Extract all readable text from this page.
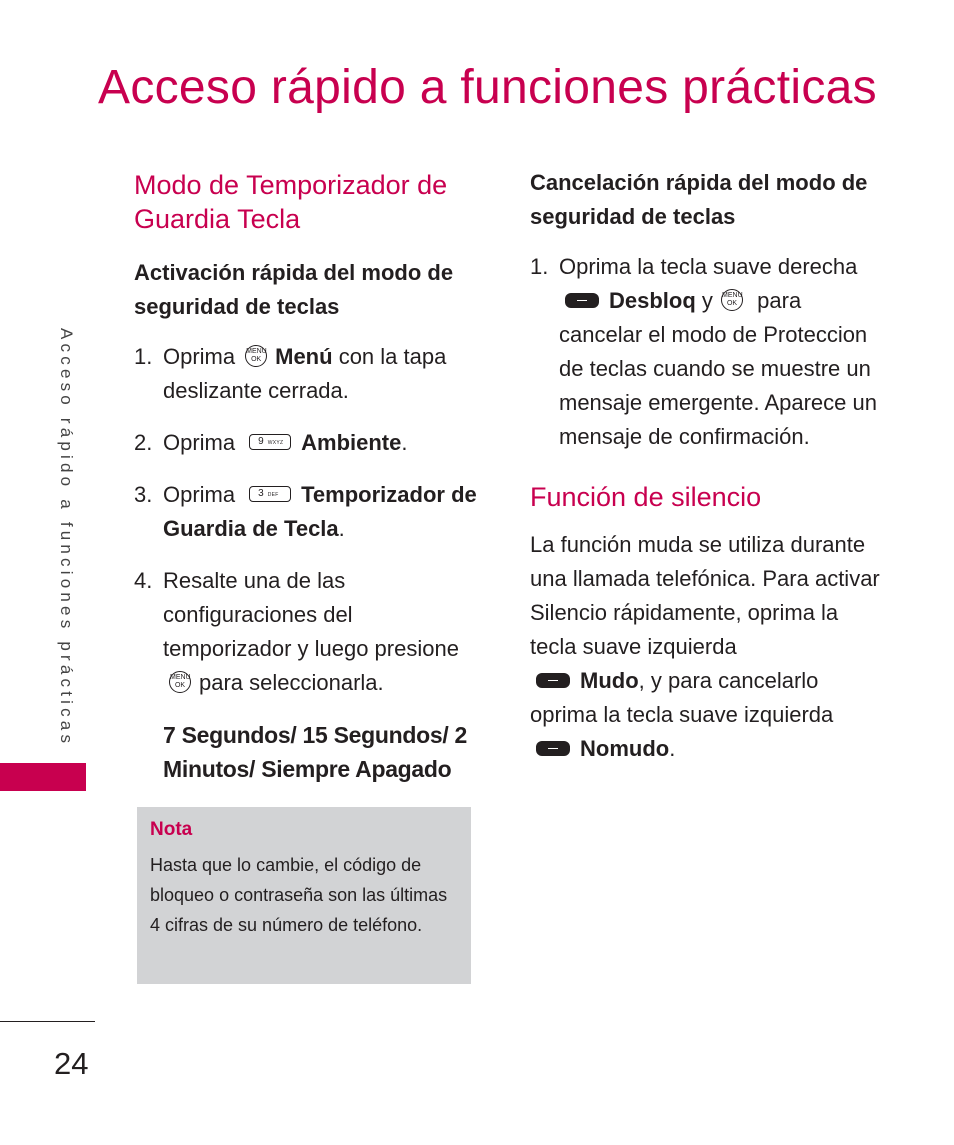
Acceso rápido a funciones prácticas
Acceso rápido a funciones prácticas
Modo de Temporizador de Guardia Tecla

Activación rápida del modo de seguridad de teclas

1. Oprima MENU
OK Menú con la tapa deslizante cerrada.
2. Oprima 9 WXYZ Ambiente.
3. Oprima 3 DEF Temporizador de Guardia de Tecla.
4. Resalte una de las configuraciones del temporizador y luego presione
MENU
OK para seleccionarla.

7 Segundos/ 15 Segundos/ 2 Minutos/ Siempre Apagado

Nota

Hasta que lo cambie, el código de bloqueo o contraseña son las últimas 4 cifras de su número de teléfono.

Cancelación rápida del modo de seguridad de teclas

1. Oprima la tecla suave derecha
Desbloq y MENU
OK para cancelar el modo de Proteccion de teclas cuando se muestre un mensaje emergente. Aparece un mensaje de confirmación.
Función de silencio

La función muda se utiliza durante una llamada telefónica. Para activar Silencio rápidamente, oprima la tecla suave izquierda
Mudo, y para cancelarlo oprima la tecla suave izquierda
Nomudo.

24
